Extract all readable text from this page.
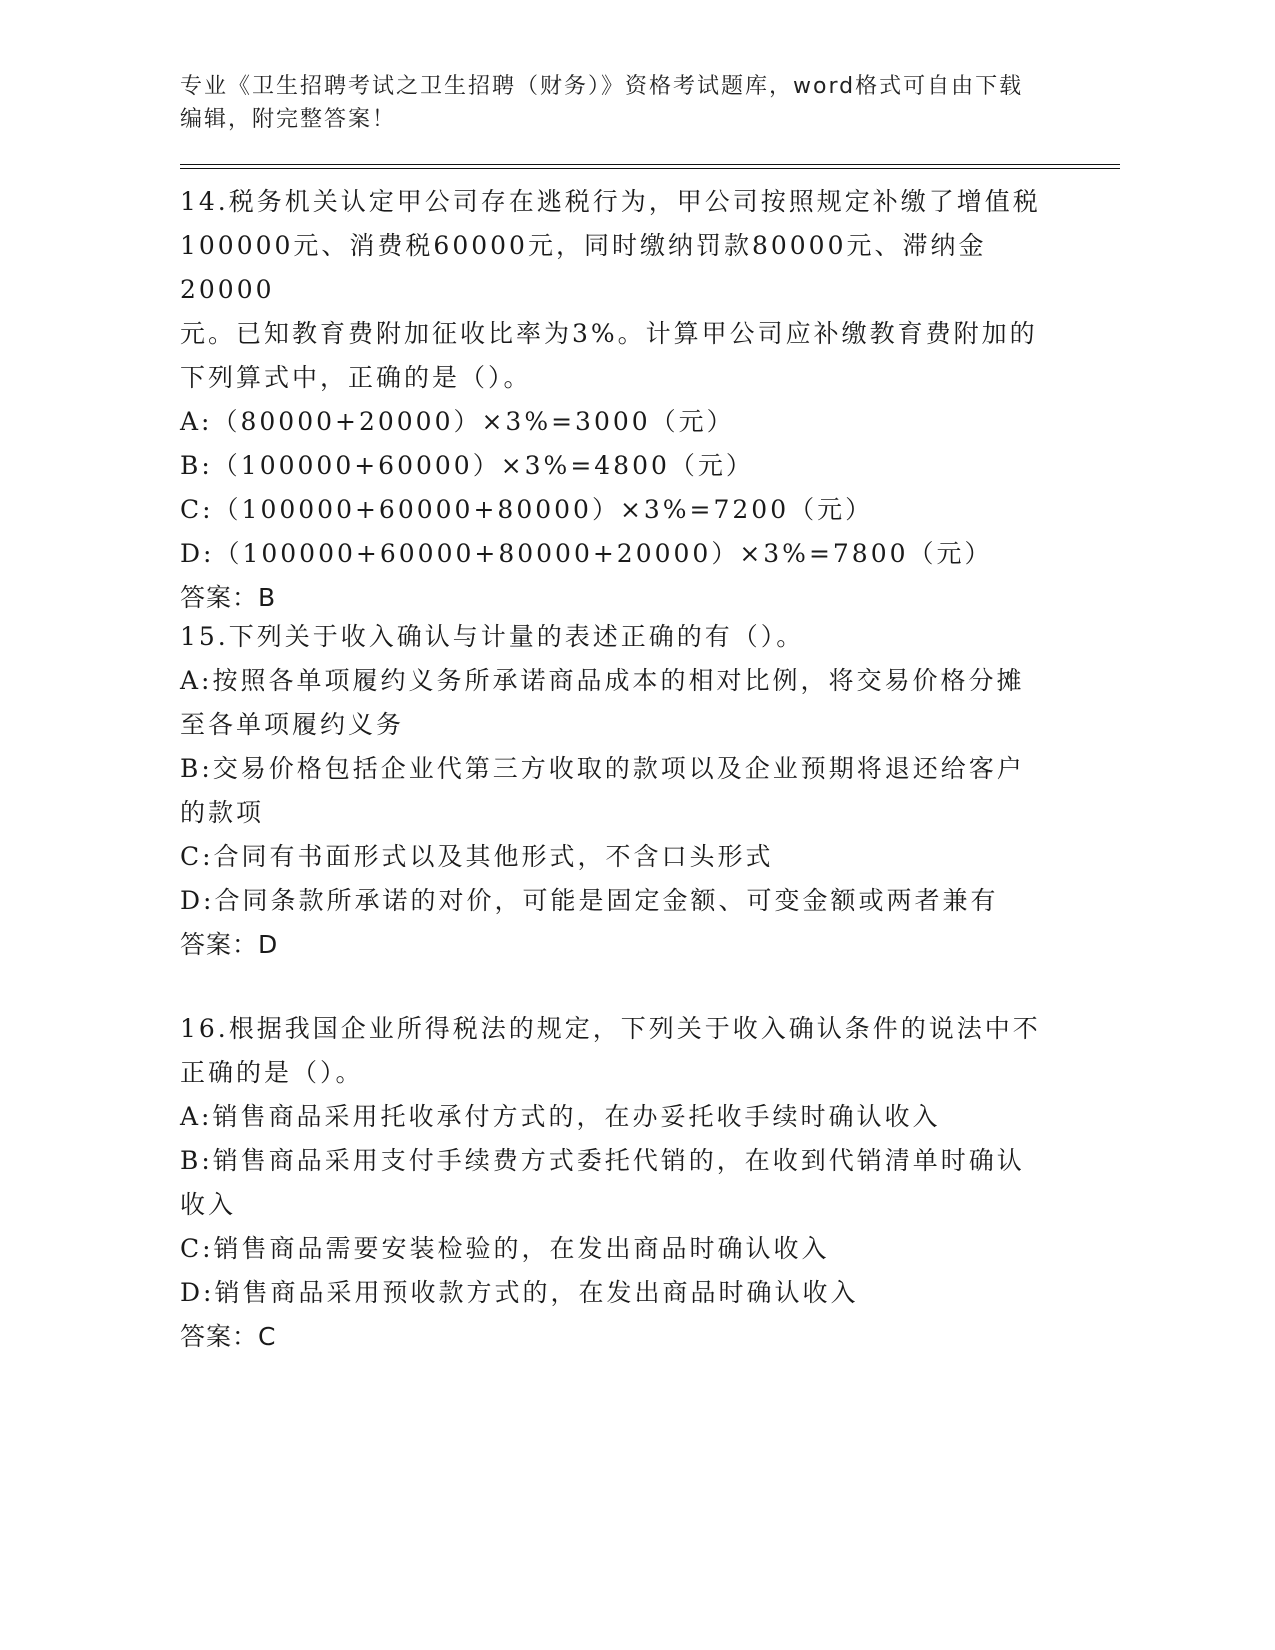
专业《卫生招聘考试之卫生招聘（财务）》资格考试题库，word格式可自由下载
编辑，附完整答案！
14.税务机关认定甲公司存在逃税行为，甲公司按照规定补缴了增值税
100000元、消费税60000元，同时缴纳罚款80000元、滞纳金20000
元。已知教育费附加征收比率为3%。计算甲公司应补缴教育费附加的
下列算式中，正确的是（）。
A:（80000+20000）×3%=3000（元）
B:（100000+60000）×3%=4800（元）
C:（100000+60000+80000）×3%=7200（元）
D:（100000+60000+80000+20000）×3%=7800（元）
答案：B
15.下列关于收入确认与计量的表述正确的有（）。
A:按照各单项履约义务所承诺商品成本的相对比例，将交易价格分摊
至各单项履约义务
B:交易价格包括企业代第三方收取的款项以及企业预期将退还给客户
的款项
C:合同有书面形式以及其他形式，不含口头形式
D:合同条款所承诺的对价，可能是固定金额、可变金额或两者兼有
答案：D
16.根据我国企业所得税法的规定，下列关于收入确认条件的说法中不
正确的是（）。
A:销售商品采用托收承付方式的，在办妥托收手续时确认收入
B:销售商品采用支付手续费方式委托代销的，在收到代销清单时确认
收入
C:销售商品需要安装检验的，在发出商品时确认收入
D:销售商品采用预收款方式的，在发出商品时确认收入
答案：C
